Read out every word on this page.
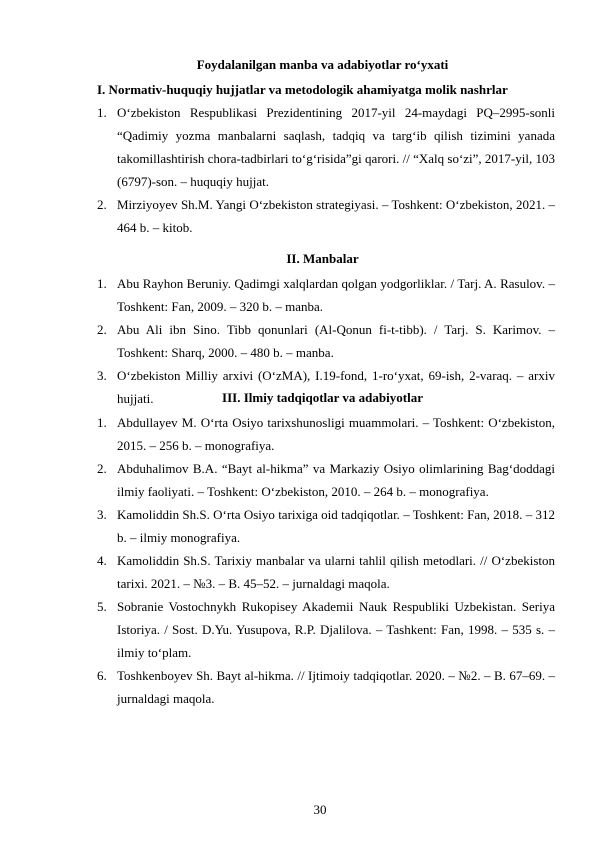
Foydalanilgan manba va adabiyotlar ro‘yxati
I. Normativ-huquqiy hujjatlar va metodologik ahamiyatga molik nashrlar
1. O‘zbekiston Respublikasi Prezidentining 2017-yil 24-maydagi PQ–2995-sonli “Qadimiy yozma manbalarni saqlash, tadqiq va targ‘ib qilish tizimini yanada takomillashtirish chora-tadbirlari to‘g‘risida”gi qarori. // “Xalq so‘zi”, 2017-yil, 103 (6797)-son. – huquqiy hujjat.
2. Mirziyoyev Sh.M. Yangi O‘zbekiston strategiyasi. – Toshkent: O‘zbekiston, 2021. – 464 b. – kitob.
II. Manbalar
1. Abu Rayhon Beruniy. Qadimgi xalqlardan qolgan yodgorliklar. / Tarj. A. Rasulov. – Toshkent: Fan, 2009. – 320 b. – manba.
2. Abu Ali ibn Sino. Tibb qonunlari (Al-Qonun fi-t-tibb). / Tarj. S. Karimov. – Toshkent: Sharq, 2000. – 480 b. – manba.
3. O‘zbekiston Milliy arxivi (O‘zMA), I.19-fond, 1-ro‘yxat, 69-ish, 2-varaq. – arxiv hujjati.	III. Ilmiy tadqiqotlar va adabiyotlar
1. Abdullayev M. O‘rta Osiyo tarixshunosligi muammolari. – Toshkent: O‘zbekiston, 2015. – 256 b. – monografiya.
2. Abduhalimov B.A. “Bayt al-hikma” va Markaziy Osiyo olimlarining Bag‘doddagi ilmiy faoliyati. – Toshkent: O‘zbekiston, 2010. – 264 b. – monografiya.
3. Kamoliddin Sh.S. O‘rta Osiyo tarixiga oid tadqiqotlar. – Toshkent: Fan, 2018. – 312 b. – ilmiy monografiya.
4. Kamoliddin Sh.S. Tarixiy manbalar va ularni tahlil qilish metodlari. // O‘zbekiston tarixi. 2021. – №3. – B. 45–52. – jurnaldagi maqola.
5. Sobranie Vostochnykh Rukopisey Akademii Nauk Respubliki Uzbekistan. Seriya Istoriya. / Sost. D.Yu. Yusupova, R.P. Djalilova. – Tashkent: Fan, 1998. – 535 s. – ilmiy to‘plam.
6. Toshkenboyev Sh. Bayt al-hikma. // Ijtimoiy tadqiqotlar. 2020. – №2. – B. 67–69. – jurnaldagi maqola.
30
